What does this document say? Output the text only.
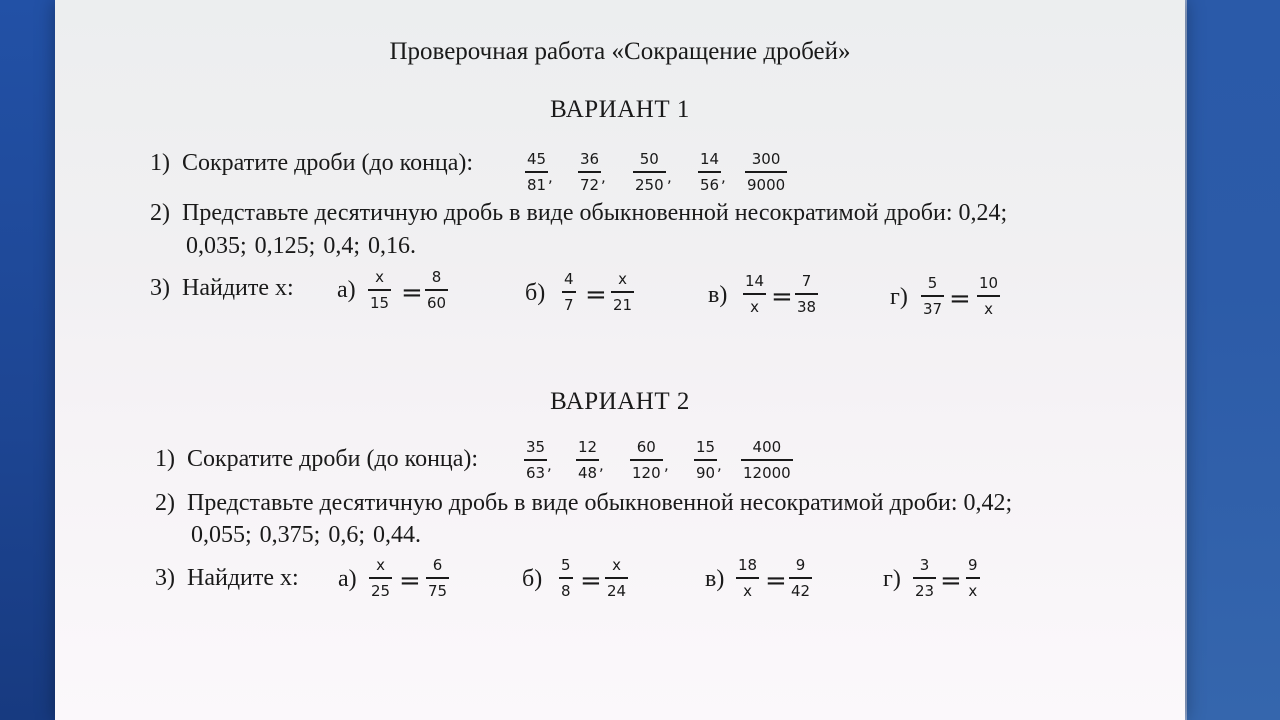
Проверочная работа «Сокращение дробей»
ВАРИАНТ 1
1) Сократите дроби (до конца):	45
81 ,
36
72 ,
50
250 ,
14
56 ,
300
9000
2) Представьте десятичную дробь в виде обыкновенной несократимой дроби: 0,24;
0,035; 0,125; 0,4; 0,16.
3) Найдите x: а)	x
15 =
8
60	б)
4
7 =
x
21	в)
14
x =
7
38	г)
5
37 =
10
x
ВАРИАНТ 2
1) Сократите дроби (до конца):	35
63 ,
12
48 ,
60
120 ,
15
90 ,
400
12000
2) Представьте десятичную дробь в виде обыкновенной несократимой дроби: 0,42;
0,055; 0,375; 0,6; 0,44.
3) Найдите x: а)
x
25 =
6
75	б)
5
8 =
x
24	в)
18
x =
9
42	г)
3
23 =
9
x
